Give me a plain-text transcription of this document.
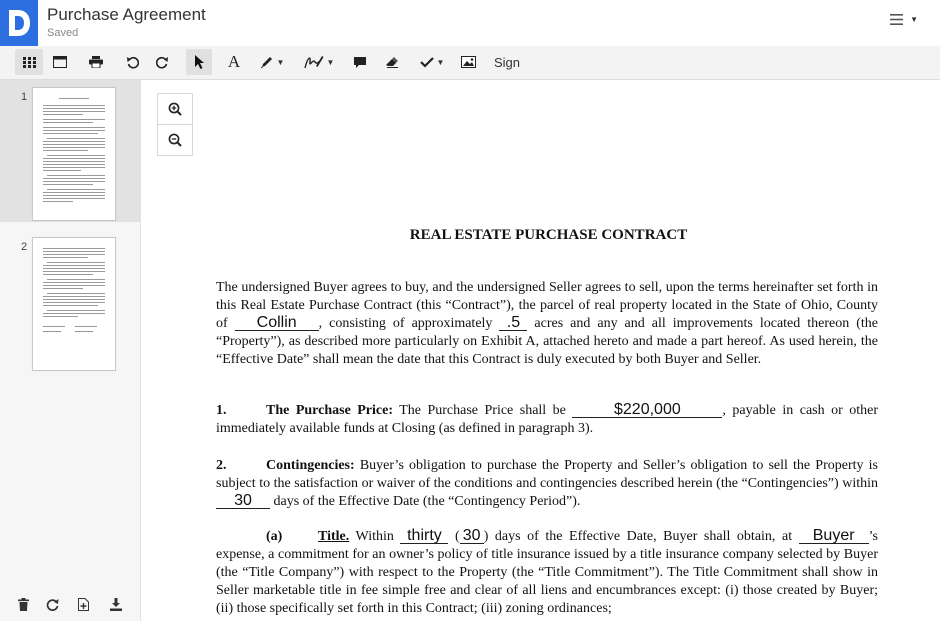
Purchase Agreement
Saved
▼
A	▼	▼	▼	Sign
1
2
REAL ESTATE PURCHASE CONTRACT
The undersigned Buyer agrees to buy, and the undersigned Seller agrees to sell, upon the terms hereinafter set forth in this Real Estate Purchase Contract (this “Contract”), the parcel of real property located in the State of Ohio, County of Collin , consisting of approximately .5 acres and any and all improvements located thereon (the “Property”), as described more particularly on Exhibit A, attached hereto and made a part hereof. As used herein, the “Effective Date” shall mean the date that this Contract is duly executed by both Buyer and Seller.
1.	The Purchase Price: The Purchase Price shall be	$220,000	, payable in cash or other immediately available funds at Closing (as defined in paragraph 3).
2.	Contingencies: Buyer’s obligation to purchase the Property and Seller’s obligation to sell the Property is subject to the satisfaction or waiver of the conditions and contingencies described herein (the “Contingencies”) within 30 days of the Effective Date (the “Contingency Period”).
(a)	Title. Within thirty ( 30 ) days of the Effective Date, Buyer shall obtain, at Buyer ’s expense, a commitment for an owner’s policy of title insurance issued by a title insurance company selected by Buyer (the “Title Company”) with respect to the Property (the “Title Commitment”). The Title Commitment shall show in Seller marketable title in fee simple free and clear of all liens and encumbrances except: (i) those created by Buyer; (ii) those specifically set forth in this Contract; (iii) zoning ordinances;
